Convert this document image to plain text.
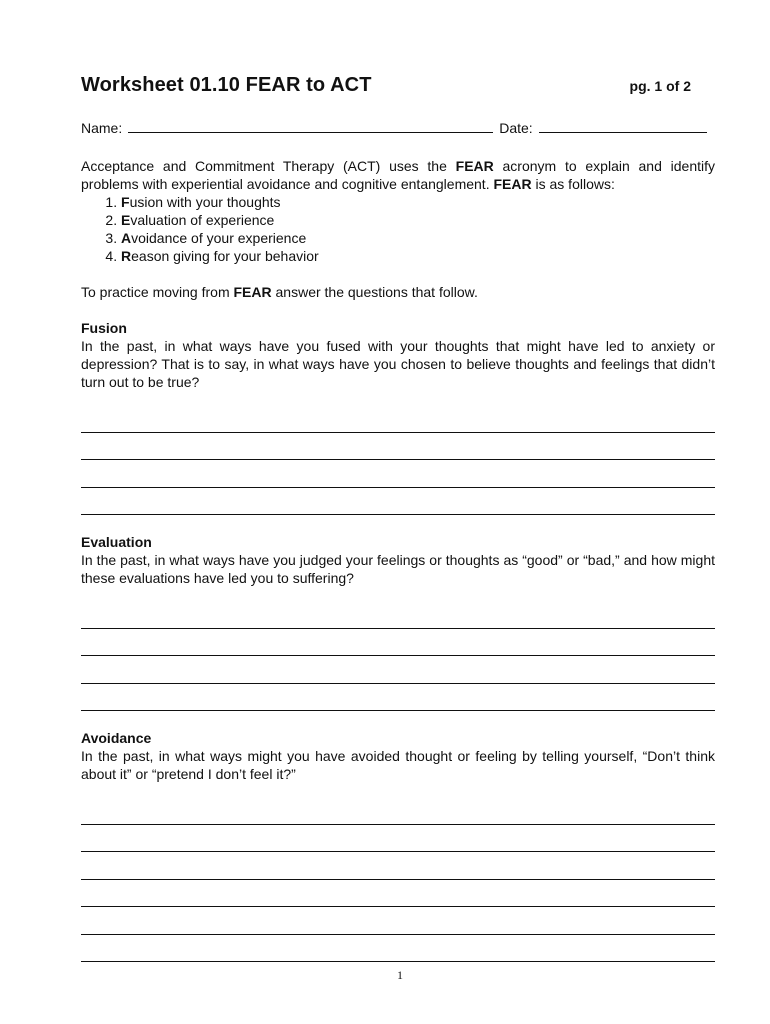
Worksheet 01.10 FEAR to ACT	pg. 1 of 2
Name:	Date:

Acceptance and Commitment Therapy (ACT) uses the FEAR acronym to explain and identify problems with experiential avoidance and cognitive entanglement. FEAR is as follows:

1. Fusion with your thoughts
2. Evaluation of experience
3. Avoidance of your experience
4. Reason giving for your behavior

To practice moving from FEAR answer the questions that follow.

Fusion

In the past, in what ways have you fused with your thoughts that might have led to anxiety or depression? That is to say, in what ways have you chosen to believe thoughts and feelings that didn’t turn out to be true?

Evaluation

In the past, in what ways have you judged your feelings or thoughts as “good” or “bad,” and how might these evaluations have led you to suffering?

Avoidance

In the past, in what ways might you have avoided thought or feeling by telling yourself, “Don’t think about it” or “pretend I don’t feel it?”

1
